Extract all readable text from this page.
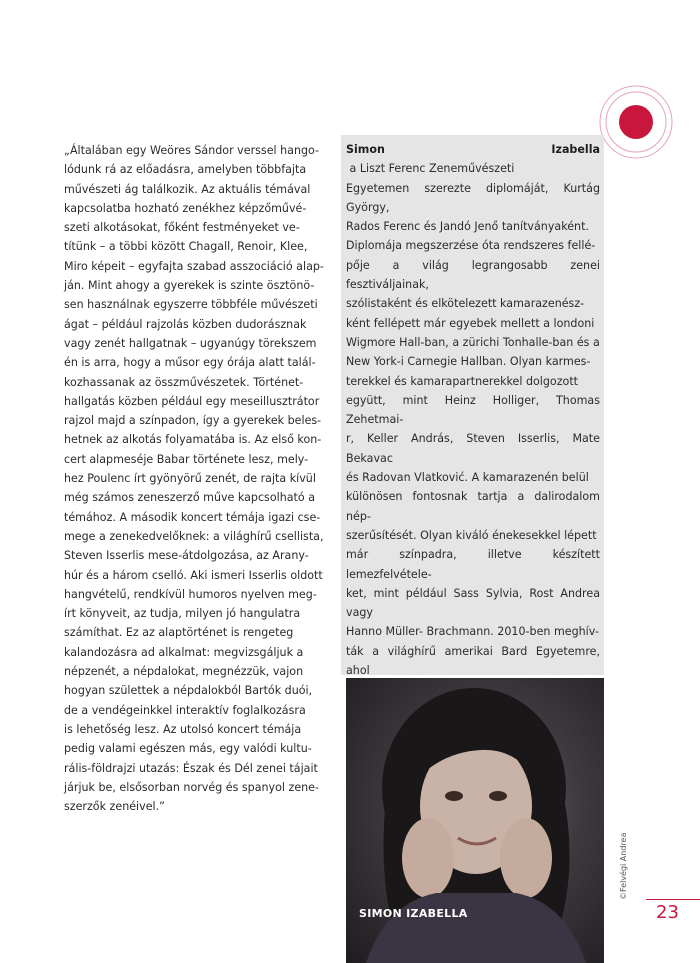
„Általában egy Weöres Sándor verssel hango-

lódunk rá az előadásra, amelyben többfajta

művészeti ág találkozik. Az aktuális témával

kapcsolatba hozható zenékhez képzőművé-

szeti alkotásokat, főként festményeket ve-

títünk – a többi között Chagall, Renoir, Klee,

Miro képeit – egyfajta szabad asszociáció alap-

ján. Mint ahogy a gyerekek is szinte ösztönö-

sen használnak egyszerre többféle művészeti

ágat – például rajzolás közben dudorásznak

vagy zenét hallgatnak – ugyanúgy törekszem

én is arra, hogy a műsor egy órája alatt talál-

kozhassanak az összművészetek. Történet-

hallgatás közben például egy meseillusztrátor

rajzol majd a színpadon, így a gyerekek beles-

hetnek az alkotás folyamatába is. Az első kon-

cert alapmeséje Babar története lesz, mely-

hez Poulenc írt gyönyörű zenét, de rajta kívül

még számos zeneszerző műve kapcsolható a

témához. A második koncert témája igazi cse-

mege a zenekedvelőknek: a világhírű csellista,

Steven Isserlis mese-átdolgozása, az Arany-

húr és a három cselló. Aki ismeri Isserlis oldott

hangvételű, rendkívül humoros nyelven meg-

írt könyveit, az tudja, milyen jó hangulatra

számíthat. Ez az alaptörténet is rengeteg

kalandozásra ad alkalmat: megvizsgáljuk a

népzenét, a népdalokat, megnézzük, vajon

hogyan születtek a népdalokból Bartók duói,

de a vendégeinkkel interaktív foglalkozásra

is lehetőség lesz. Az utolsó koncert témája

pedig valami egészen más, egy valódi kultu-

rális-földrajzi utazás: Észak és Dél zenei tájait

járjuk be, elsősorban norvég és spanyol zene-

szerzők zenéivel.”

Simon Izabella a Liszt Ferenc Zeneművészeti

Egyetemen szerezte diplomáját, Kurtág György,

Rados Ferenc és Jandó Jenő tanítványaként.

Diplomája megszerzése óta rendszeres fellé-

pője a világ legrangosabb zenei fesztiváljainak,

szólistaként és elkötelezett kamarazenész-

ként fellépett már egyebek mellett a londoni

Wigmore Hall-ban, a zürichi Tonhalle-ban és a

New York-i Carnegie Hallban. Olyan karmes-

terekkel és kamarapartnerekkel dolgozott

együtt, mint Heinz Holliger, Thomas Zehetmai-

r, Keller András, Steven Isserlis, Mate Bekavac

és Radovan Vlatković. A kamarazenén belül

különösen fontosnak tartja a dalirodalom nép-

szerűsítését. Olyan kiváló énekesekkel lépett

már színpadra, illetve készített lemezfelvétele-

ket, mint például Sass Sylvia, Rost Andrea vagy

Hanno Müller- Brachmann. 2010-ben meghív-

ták a világhírű amerikai Bard Egyetemre, ahol

SIMON IZABELLA
©Felvégi Andrea
23
